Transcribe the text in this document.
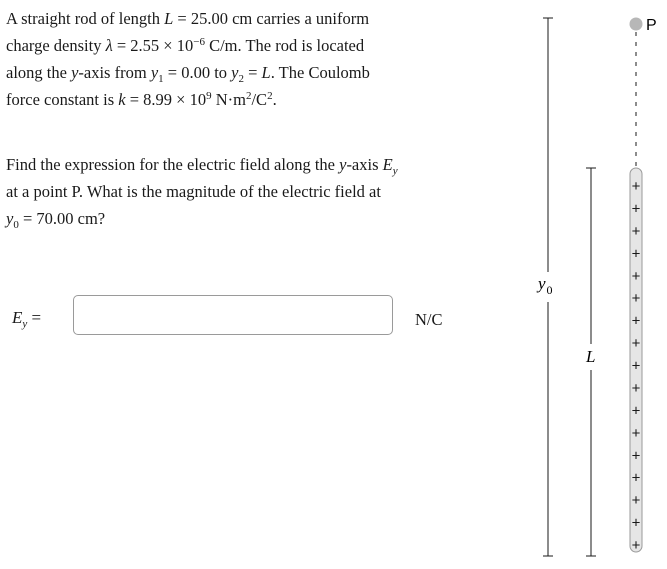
A straight rod of length L = 25.00 cm carries a uniform
charge density $\lambda = 2.55 \times 10^{-6}$ C/m. The rod is located
along the y-axis from $y_1 = 0.00$ to $y_2 = L$. The Coulomb
force constant is $k = 8.99 \times 10^9$ $N\cdot m^2/C^2$.
Find the expression for the electric field along the y-axis $E_y$
at a point P. What is the magnitude of the electric field at
$y_0 = 70.00$ cm?
$E_y$ =	N/C
$y_0$
L
P
+
+
+
+
+
+
+
+
+
+
+
+
+
+
+
+
+
